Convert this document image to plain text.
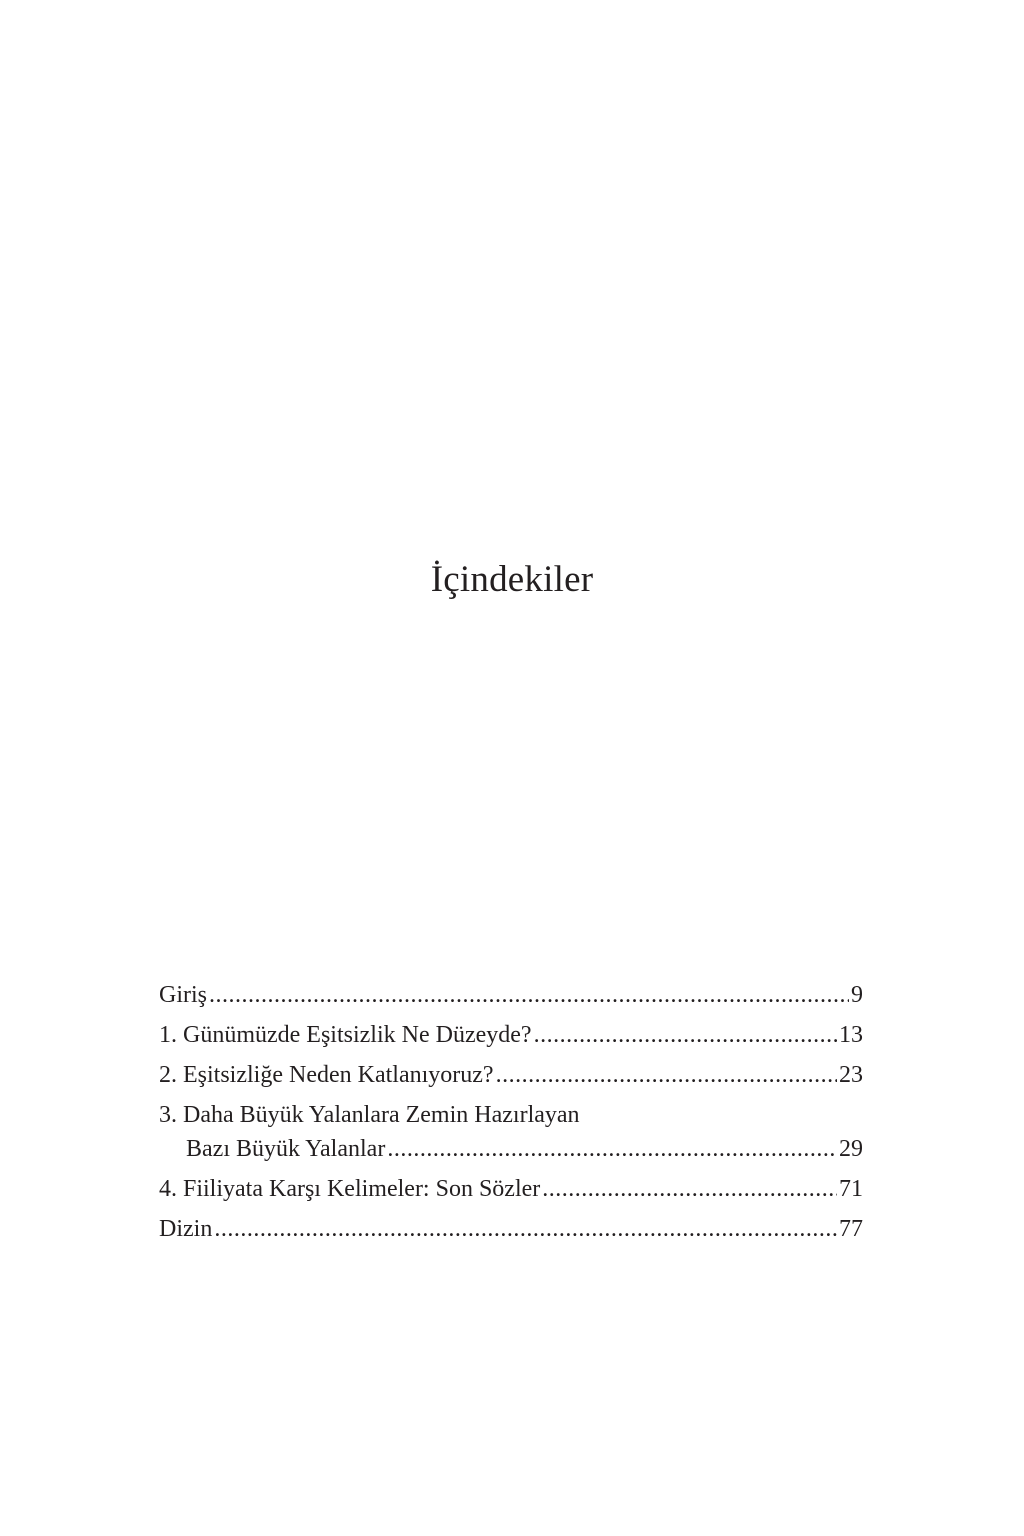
İçindekiler
Giriş .....	9
1. Günümüzde Eşitsizlik Ne Düzeyde? .....	13
2. Eşitsizliğe Neden Katlanıyoruz? .....	23
3. Daha Büyük Yalanlara Zemin Hazırlayan
Bazı Büyük Yalanlar .....	29
4. Fiiliyata Karşı Kelimeler: Son Sözler .....	71
Dizin .....	77
